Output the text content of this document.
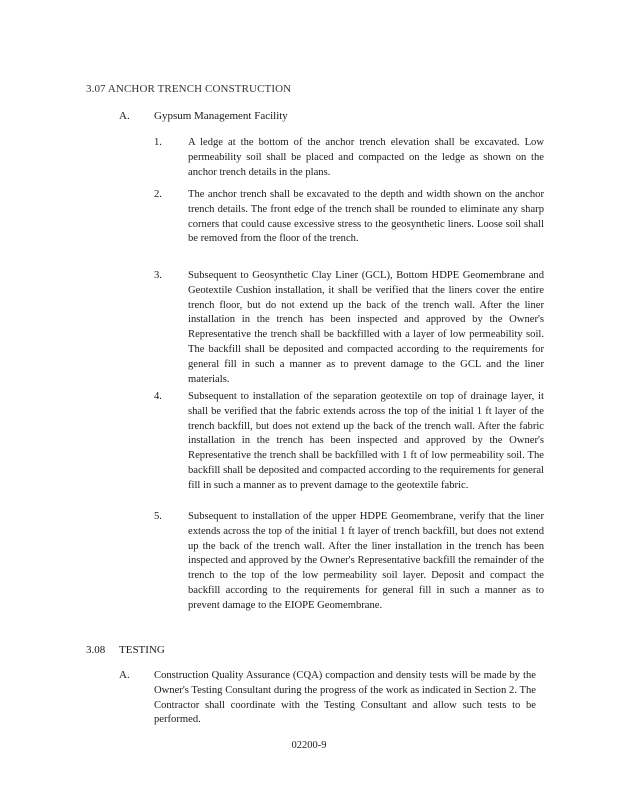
3.07 ANCHOR TRENCH CONSTRUCTION
A. Gypsum Management Facility
1.	A ledge at the bottom of the anchor trench elevation shall be excavated. Low permeability soil shall be placed and compacted on the ledge as shown on the anchor trench details in the plans.
2.	The anchor trench shall be excavated to the depth and width shown on the anchor trench details. The front edge of the trench shall be rounded to eliminate any sharp corners that could cause excessive stress to the geosynthetic liners. Loose soil shall be removed from the floor of the trench.
3.	Subsequent to Geosynthetic Clay Liner (GCL), Bottom HDPE Geomembrane and Geotextile Cushion installation, it shall be verified that the liners cover the entire trench floor, but do not extend up the back of the trench wall. After the liner installation in the trench has been inspected and approved by the Owner's Representative the trench shall be backfilled with a layer of low permeability soil. The backfill shall be deposited and compacted according to the requirements for general fill in such a manner as to prevent damage to the GCL and the liner materials.
4.	Subsequent to installation of the separation geotextile on top of drainage layer, it shall be verified that the fabric extends across the top of the initial 1 ft layer of the trench backfill, but does not extend up the back of the trench wall. After the fabric installation in the trench has been inspected and approved by the Owner's Representative the trench shall be backfilled with 1 ft of low permeability soil. The backfill shall be deposited and compacted according to the requirements for general fill in such a manner as to prevent damage to the geotextile fabric.
5.	Subsequent to installation of the upper HDPE Geomembrane, verify that the liner extends across the top of the initial 1 ft layer of trench backfill, but does not extend up the back of the trench wall. After the liner installation in the trench has been inspected and approved by the Owner's Representative backfill the remainder of the trench to the top of the low permeability soil layer. Deposit and compact the backfill according to the requirements for general fill in such a manner as to prevent damage to the EIOPE Geomembrane.
3.08 TESTING
A. Construction Quality Assurance (CQA) compaction and density tests will be made by the Owner's Testing Consultant during the progress of the work as indicated in Section 2. The Contractor shall coordinate with the Testing Consultant and allow such tests to be performed.
02200-9
